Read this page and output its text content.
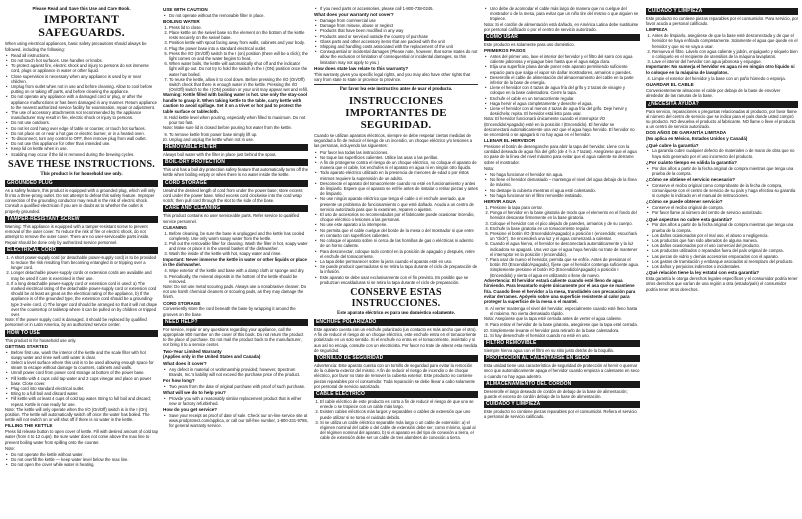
Please Read and Save this Use and Care Book.

IMPORTANT SAFEGUARDS.

When using electrical appliances, basic safety precautions should always be followed, including the following:

• Read all instructions.
• Do not touch hot surfaces. Use handles or knobs.
• To protect against fire, electric shock and injury to persons do not immerse cord, plugs or appliance in water or other liquid.
• Close supervision is necessary when any appliance is used by or near children.
• Unplug from outlet when not in use and before cleaning. Allow to cool before putting on or taking off parts, and before cleaning the appliance.
• Do not operate any appliance with a damaged cord or plug, or after the appliance malfunctions or has been damaged in any manner. Return appliance to the nearest authorized service facility for examination, repair or adjustment.
• The use of accessory attachments not recommended by the appliance manufacturer may result in fire, electric shock or injury to persons.
• Do not use outdoors.
• Do not let cord hang over edge of table or counter, or touch hot surfaces.
• Do not place on or near a hot gas or electric burner, or in a heated oven.
• To disconnect, turn any control to OFF, then remove plug from wall outlet.
• Do not use this appliance for other than intended use.
• Keep lid on kettle when in use.
• Scalding may occur if the lid is removed during the brewing cycles.
SAVE THESE INSTRUCTIONS.
This product is for household use only.
GROUNDED PLUG

As a safety feature, this product is equipped with a grounded plug, which will only fit into a three-prong outlet. Do not attempt to defeat this safety feature. Improper connection of the grounding conductor may result in the risk of electric shock. Consult a qualified electrician if you are in doubt as to whether the outlet is properly grounded.

TAMPER-RESISTANT SCREW

Warning: This appliance is equipped with a tamper-resistant screw to prevent removal of the outer cover. To reduce the risk of fire or electric shock, do not attempt to remove the outer cover. There are no user-serviceable parts inside. Repair should be done only by authorized service personnel.

ELECTRICAL CORD
1. A short power-supply cord (or detachable power-supply cord) is to be provided to reduce the risk resulting from becoming entangled in or tripping over a longer cord.
2. Longer detachable power-supply cords or extension cords are available and may be used if care is exercised in their use.
3. If a long detachable power-supply cord or extension cord is used: a) The marked electrical rating of the detachable power-supply cord or extension cord should be at least as great as the electrical rating of the appliance, b) If the appliance is of the grounded type, the extension cord should be a grounding-type 3-wire cord, c) The longer cord should be arranged so that it will not drape over the countertop or tabletop where it can be pulled on by children or tripped over.

Note: If the power supply cord is damaged, it should be replaced by qualified personnel or in Latin America, by an authorized service center.

HOW TO USE

This product is for household use only.

GETTING STARTED
• Before first use, wash the interior of the kettle and the scale filter with hot soapy water and rinse well until water is clear.
• Select a level surface where this unit is to be used allowing enough space for steam to escape without damage to counters, cabinets and walls.
• Unroll power cord from power cord storage at bottom of the power base.
• Fill kettle with 4 cups cold tap water and 2 cups vinegar and place on power base. Close cover.
• Plug cord into standard electrical outlet.
• Bring to a full boil and discard water.
• Fill kettle with at least 4 cups of cold tap water. Bring to full boil and discard; repeat. Kettle is now ready for use.

Note: The kettle will only operate when the I/O (On/Off) switch is in the I (On) position. The kettle will automatically switch off once the water has boiled. The kettle will not switch on or will shut off if there is no water in the kettle.

FILLING THE KETTLE

Press lid release button to open cover of kettle. Fill with desired amount of cold tap water (from 4 to 12 cups). Be sure water does not come above the max line to prevent boiling water from spilling onto the counter.

Note:

• Do not operate the kettle without water.
• Do not overfill the kettle — keep water level below the max line.
• Do not open the cover while water is heating.
USE WITH CAUTION
• Do not operate without the removable filter in place.
BOILING WATER
1. Press lid to close.
2. Place kettle on the swivel base so the element on the bottom of the kettle rests securely on the swivel base.
3. Position kettle with spout facing away from walls, cabinets and your body.
4. Plug the power base into a standard electrical outlet.
5. Press the I/O (On/Off) switch to the I (on) position (there will be a click); the light comes on and the water begins to heat.
6. When water boils, the kettle will automatically shut off and the indicator light will go out. Do not try to hold the switch in the I (ON) position once the water has boiled.
7. To reuse the kettle, allow it to cool down. Before pressing the I/O (On/Off) switch check that there is enough water in the kettle. Pressing the I/O (On/Off) switch to the I (ON) position or your unit may appear wet and refill.

Warning: Kettle filled with boiling water is hot. Use only the stay-cool handle to grasp it. When taking kettle to the table, carry kettle with caution to avoid spillage. Set it on a trivet or hot pad to protect the table surface or tablecloth.

8. Hold kettle level when pouring, especially when filled to maximum. Do not pour too fast.

Note: Make sure lid is closed before pouring hot water from the kettle.

9. To remove kettle from power base simply lift up.
10. Unplug and unplug the kettle when not in use.
REMOVABLE FILTER

Always boil water with the filter in place just behind the spout.

BOIL-DRY PROTECTION

This unit has a boil dry protection safety feature that automatically turns off the kettle when boiling empty or when there is no water inside the kettle.

CORD STORAGE

Unwind the desired length of cord from under the power base; store excess cord under the power base. Wind excess cord clockwise into the cord wrap notch; then pull cord through the slot to the side of the base.

CARE AND CLEANING

This product contains no user serviceable parts. Refer service to qualified service personnel.

CLEANING
1. Before cleaning, be sure the base is unplugged and the kettle has cooled completely. Use only warm soapy water from the kettle.
2. Pull out the removable filter for cleaning. Wash the filter in hot, soapy water and rinse or place it in the utensil basket of the dishwasher.
3. Wash the inside of the kettle with hot, soapy water and rinse.

Important: Never immerse the kettle in water or other liquids or place in the dishwasher.

4. Wipe exterior of the kettle and base with a damp cloth or sponge and dry.
5. Periodically, the mineral deposits in the bottom of the kettle should be removed.

Note: Do not use metal scouring pads. Always use a nonabrasive cleaner. Do not use harsh chemical cleaners or scouring pads, as they may damage the finish.

CORD STORAGE

Conveniently store the cord beneath the base by wrapping it around the grooves on the base.

NEED HELP?

For service, repair or any questions regarding your appliance, call the appropriate 800 number on the cover of this book. Do not return the product to the place of purchase. Do not mail the product back to the manufacturer, nor bring it to a service center.

Two-Year Limited Warranty

(Applies only in the United States and Canada)

What does it cover?
• Any defect in material or workmanship provided; however, Spectrum Brands, Inc.'s liability will not exceed the purchase price of the product.
For how long?
• Two years from the date of original purchase with proof of such purchase.
What will we do to help you?
• Provide you with a reasonably similar replacement product that is either new or factory refurbished.
How do you get service?
• Save your receipt as proof of date of sale. Check our on-line service site at www.prodprotect.com/applica, or call our toll-free number, 1-800-231-9786, for general warranty service.
• If you need parts or accessories, please call 1-800-738-0245.
What does your warranty not cover?
• Damage from commercial use
• Damage from misuse, abuse or neglect
• Products that have been modified in any way
• Products used or serviced outside the country of purchase
• Glass parts and other accessory items that are packed with the unit
• Shipping and handling costs associated with the replacement of the unit
• Consequential or incidental damages (Please note, however, that some states do not allow the exclusion or limitation of consequential or incidental damages, so this limitation may not apply to you.)
How does state law relate to this warranty?

This warranty gives you specific legal rights, and you may also have other rights that vary from state to state or province to province.

Por favor lea este instructivo antes de usar el producto.
INSTRUCCIONES IMPORTANTES DE SEGURIDAD.

Cuando se utilizan aparatos eléctricos, siempre se debe respetar ciertas medidas de seguridad a fin de reducir el riesgo de un incendio, un choque eléctrico y/o lesiones a las personas, incluyendo las siguientes:

• Por favor lea todas las instrucciones.
• No toque las superficies calientes. Utilice las asas o las perillas.
• A fin de protegerse contra el riesgo de un choque eléctrico, no coloque el aparato de manera que el cable, los enchufes ni el aparato en agua ni en ningún otro líquido.
• Todo aparato eléctrico utilizado en la presencia de menores de edad o por éstos mismos requiere la supervisión de un adulto.
• Desconecte el aparato del tomacorriente cuando no esté en funcionamiento y antes de limpiarlo. Espere que el aparato se enfríe antes de instalar o retirar piezas y antes de limpiarlo.
• No use ningún aparato eléctrico que tenga el cable o el enchufe averiado, que presente un problema de funcionamiento o que esté dañado. Acuda a un centro de servicio autorizado para que lo examinen, reparen o ajusten.
• El uso de accesorios no recomendados por el fabricante puede ocasionar incendio, choque eléctrico o lesiones a las personas.
• No use este aparato a la intemperie.
• No permita que el cable cuelgue del borde de la mesa o del mostrador ni que entre en contacto con superficies calientes.
• No coloque el aparato sobre ni cerca de las hornillas de gas o eléctricas ni adentro de un horno caliente.
• Para desconectar, coloque todo control en la posición de apagado y después, retire el enchufe del tomacorriente.
• La tapa debe permanecer sobre la jarra cuando el aparato esté en uso.
• Se puede producir quemaduras si se retira la tapa durante el ciclo de preparación de la infusión.
• Este aparato se debe usar exclusivamente con el fin previsto. Es posible que se produzcan escaldaduras si se retira la tapa durante el ciclo de preparación.
CONSERVE ESTAS INSTRUCCIONES.
Este aparato eléctrico es para uso doméstico solamente.
ENCHUFE POLARIZADO

Este aparato cuenta con un enchufe polarizado (un contacto es más ancho que el otro). A fin de reducir el riesgo de un choque eléctrico, este enchufe entra en el tomacorriente polarizado en un solo sentido. Si el enchufe no entra en el tomacorriente, inviértalo y si aun así no encaja, consulte con un electricista. Por favor no trate de alterar esta medida de seguridad.

TORNILLO DE SEGURIDAD

Advertencia: Este aparato cuenta con un tornillo de seguridad para evitar la remoción de la cubierta exterior del mismo. A fin de reducir el riesgo de incendio o de choque eléctrico, por favor no trate de remover la cubierta exterior. Este producto no contiene piezas reparables por el consumidor. Toda reparación se debe llevar a cabo solamente por personal de servicio autorizado.

CABLE ELÉCTRICO
1. El cable eléctrico de este producto es corto a fin de reducir el riesgo de que uno se enrede o se tropiece con un cable más largo.
2. Existen cables eléctricos más largos y separables o cables de extensión que uno puede utilizar si se toma el cuidado debido.
3. Si se utiliza un cable eléctrico separable más largo o un cable de extensión: a) el régimen nominal del cable o del cable de extensión debe ser, como mínimo, igual al del régimen nominal del aparato, b) si el aparato es del tipo de conexión a tierra, el cable de extensión debe ser un cable de tres alambres de conexión a tierra.
• Uno debe de acomodar el cable más largo de manera que no cuelgue del mostrador o de la mesa, para evitar que un niño tire del mismo o que alguien se tropiece.

Nota: Si el cordón de alimentación está dañado, en América Latina debe sustituirse por personal calificado o por el centro de servicio autorizado.

COMO USAR

Este producto es solamente para uso doméstico.

PRIMEROS PASOS
• Antes del primer uso, lave el interior del hervidor y el filtro del sarro con agua caliente jabonosa y enjuague bien hasta que el agua salga clara.
• Elija una superficie plana donde poner este aparato permitiendo suficiente espacio para que salga el vapor sin dañar mostradores, armarios o paredes.
• Desenrolle el cable de alimentación del almacenamiento del cable en la parte inferior de la base de energía.
• Llene el hervidor con 4 tazas de agua fría del grifo y 2 tazas de vinagre y coloque en la base calentadora. Cierre la tapa.
• Enchufe el cable en un tomacorriente regular.
• Haga hervir el agua completamente y deseche el agua.
• Llene el hervidor con al menos 4 tazas de agua fría del grifo. Deje hervir y deséchela; repita. El hervidor está listo para usar.

Nota: El hervidor funcionará únicamente cuando el interruptor I/O (Encendido/Apagado) esté en la posición I (Encendido). El hervidor se desconectará automáticamente una vez que el agua haya hervido. El hervidor no se encenderá o se apagará si no hay agua en el hervidor.

LLENAR EL HERVIDOR

Presione el botón de desenganche para abrir la tapa del hervidor. Llene con la cantidad deseada de agua fría del grifo (de 4 ½ a 7 tazas). Asegúrese que el agua no pase de la línea del nivel máximo para evitar que el agua caliente se derrame sobre el mostrador.

Nota:

• No haga funcionar el hervidor sin agua.
• No llene el hervidor demasiado – mantenga el nivel del agua debajo de la línea de máximo.
• No destape la cubierta mientras el agua esté calentando.
• No haga funcionar sin el filtro removible instalado.
HERVIR AGUA
1. Presione la tapa para cerrar.
2. Ponga el hervidor en la base giratoria de modo que el elemento en el fondo del hervidor descanse firmemente en la base giratoria.
3. Coloque el hervidor con el pico alejado de paredes, armarios y de su cuerpo.
4. Enchufe la base giratoria en un tomacorriente regular.
5. Presione el botón I/O (Encendido/Apagado) a posición I (encendido; escuchará un "click"). Se encenderá una luz y el agua comenzará a calentar.
6. Cuando el agua hierva, el hervidor se desconectará automáticamente y la luz indicadora se apagará. Una vez que el agua haya hervido no trate de mantener el interruptor en la posición I (encendido).
7. Para usar de nuevo el hervidor, permita que se enfríe. Antes de presionar el botón I/O (Encendido/Apagado), fíjese que el hervidor contenga suficiente agua. Simplemente presione el botón I/O (Encendido/Apagado) a posición I (Encendido) y vierta el agua en utilizando o llene de nuevo.

Advertencia: El hervidor estará caliente cuando esté lleno de agua hirviendo. Para levantarlo sujete únicamente por el asa que se mantiene fría. Cuando lleve el hervidor a la mesa, transládelo con precaución para evitar derrames. Apóyelo sobre una superficie resistente al calor para proteger la superficie de la mesa o el mantel.

8. Al verter mantenga el nivel del hervidor, especialmente cuando esté lleno hasta el máximo. No vierta demasiado rápido.

Nota: Asegúrese que la tapa esté cerrada antes de verter el agua caliente.

9. Para retirar el hervidor de la base giratoria, asegúrese que la tapa esté cerrada.
10. Simplemente levante el hervidor para retirarlo de la base calentadora.
11. Si hay desenchufe el hervidor cuando no esté en uso.
FILTRO REMOVIBLE

Siempre hierva agua con el filtro en su sitio justo detrás de la boquilla.

PROTECCIÓN AL CALENTARSE EN SECO

Esta unidad tiene una característica de seguridad de protección al hervir o quemar seco que automáticamente apaga el hervidor cuando empieza a calentarse en seco o cuando no hay agua adentro.

ALMACENAMIENTO DEL CORDÓN

Desenrolle el largo deseado de cordón de debajo de la base de alimentación; guarde el exceso de cordón debajo de la base de alimentación.

CUIDADO Y LIMPIEZA

Este producto no contiene piezas reparables por el consumidor. Refiera el servicio a personal de servicio calificado.

CUIDADO Y LIMPIEZA

Este producto no contiene piezas reparables por el consumidor. Para servicio, por favor acuda a personal calificado.

LIMPIEZA
1. Antes de limpiarlo, asegúrese de que la base esté desconectada y de que el hervidor se haya enfriado completamente. Solamente el agua que quede en el hervidor y que no se vaya a usar.
2. Remueva el filtro. Lávelo con agua caliente y jabón, enjuáguelo y séquelo bien o colóquelo en el recipiente de utensilios de la máquina lavaplatos.
3. Lave el interior del hervidor con agua jabonosa y enjuague.

Importante: No sumerja el hervidor en agua ni en ningún otro líquido ni lo coloque en la máquina de lavaplatos.

4. Limpie el exterior del hervidor y la base con un paño húmedo o esponja.
GUARDAR EL CABLE

Convenientemente almacene el cable por debajo de la base de envolver alrededor de las ranuras de la base.

¿NECESITA AYUDA?

Para servicio, reparaciones o preguntas relacionadas al producto, por favor llame al número del centro de servicio que se indica para el país donde usted compró su producto. NO devuelva el producto al fabricante. NO llame o lleve el producto a un centro de servicio autorizado.

DOS AÑOS DE GARANTÍA LIMITADA

(No aplica en México, Estados Unidos y Canadá)

¿Qué cubre la garantía?
• La garantía cubre cualquier defecto de materiales o de mano de obra que no haya sido generado por el uso incorrecto del producto.
¿Por cuánto tiempo es válida la garantía?
• Por dos años a partir de la fecha original de compra mientras que tenga una prueba de la compra.
¿Cómo se obtiene el servicio necesario?
• Conserve el recibo original como comprobante de la fecha de compra, comuníquese con el centro de servicio de su país y haga efectiva su garantía si cumple lo indicado en el manual de instrucciones.
¿Cómo se puede obtener servicio?
• Conserve el recibo original de compra.
• Por favor llame al número del centro de servicio autorizado.
¿Qué aspectos no cubre esta garantía?
• Por dos años a partir de la fecha original de compra mientras que tenga una prueba de la compra.
• Los daños ocasionados por el mal uso, el abuso o negligencia.
• Los productos que han sido alterados de alguna manera.
• Los daños ocasionados por el uso comercial del producto.
• Los productos utilizados o reparados fuera del país original de compra.
• Las piezas de vidrio y demás accesorios empacados con el aparato.
• Los gastos de tramitación y embarque asociados al reemplazo del producto.
• Los daños y perjuicios indirectos o incidentales.
¿Qué relación tiene la ley estatal con esta garantía?

Esta garantía le otorga derechos legales específicos y el consumidor podría tener otros derechos que varían de una región a otra (estado/país) el consumidor podría tener otros derechos.
